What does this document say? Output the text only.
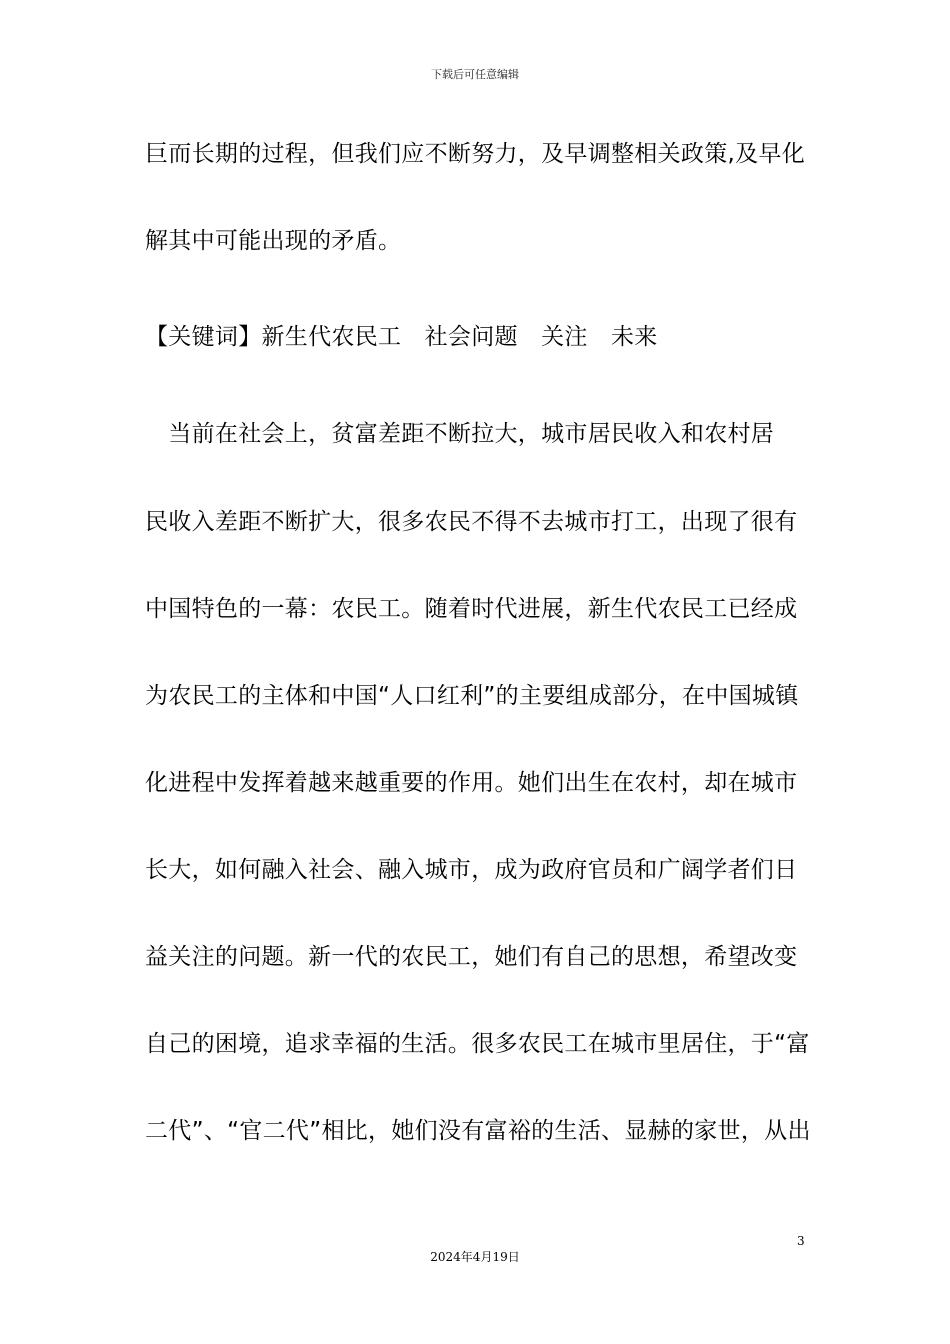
下载后可任意编辑
巨而长期的过程，但我们应不断努力，及早调整相关政策,及早化
解其中可能出现的矛盾。
【关键词】新生代农民工　社会问题　关注　未来
　当前在社会上，贫富差距不断拉大，城市居民收入和农村居
民收入差距不断扩大，很多农民不得不去城市打工，出现了很有
中国特色的一幕：农民工。随着时代进展，新生代农民工已经成
为农民工的主体和中国“人口红利”的主要组成部分，在中国城镇
化进程中发挥着越来越重要的作用。她们出生在农村，却在城市
长大，如何融入社会、融入城市，成为政府官员和广阔学者们日
益关注的问题。新一代的农民工，她们有自己的思想，希望改变
自己的困境，追求幸福的生活。很多农民工在城市里居住，于“富
二代”、“官二代”相比，她们没有富裕的生活、显赫的家世，从出
3
2024年4月19日
